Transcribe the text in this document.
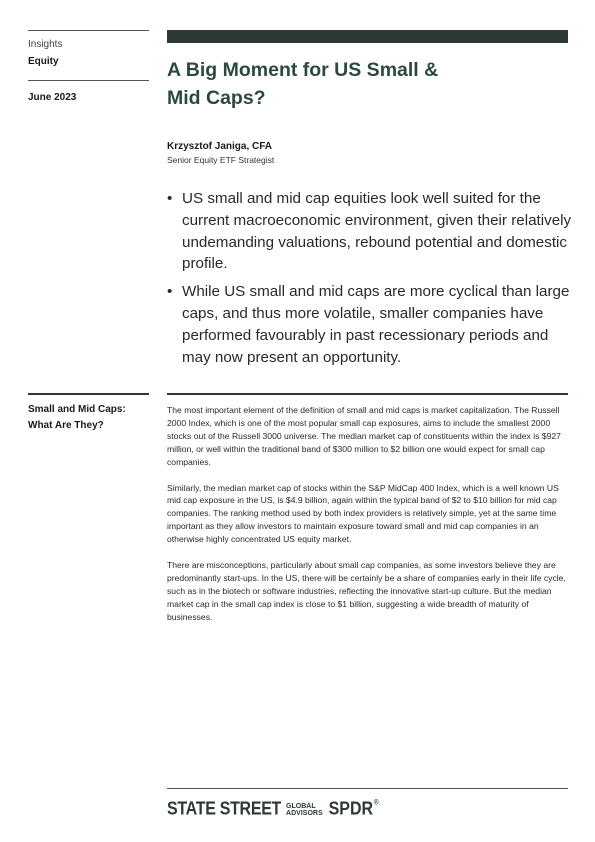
Insights
Equity
June 2023
A Big Moment for US Small &
Mid Caps?
Krzysztof Janiga, CFA
Senior Equity ETF Strategist
• US small and mid cap equities look well suited for the current macroeconomic environment, given their relatively undemanding valuations, rebound potential and domestic profile.
• While US small and mid caps are more cyclical than large caps, and thus more volatile, smaller companies have performed favourably in past recessionary periods and may now present an opportunity.
Small and Mid Caps:
What Are They?

The most important element of the definition of small and mid caps is market capitalization. The Russell 2000 Index, which is one of the most popular small cap exposures, aims to include the smallest 2000 stocks out of the Russell 3000 universe. The median market cap of constituents within the index is $927 million, or well within the traditional band of $300 million to $2 billion one would expect for small cap companies.

Similarly, the median market cap of stocks within the S&P MidCap 400 Index, which is a well known US mid cap exposure in the US, is $4.9 billion, again within the typical band of $2 to $10 billion for mid cap companies. The ranking method used by both index providers is relatively simple, yet at the same time important as they allow investors to maintain exposure toward small and mid cap companies in an otherwise highly concentrated US equity market.

There are misconceptions, particularly about small cap companies, as some investors believe they are predominantly start-ups. In the US, there will be certainly be a share of companies early in their life cycle, such as in the biotech or software industries, reflecting the innovative start-up culture. But the median market cap in the small cap index is close to $1 billion, suggesting a wide breadth of maturity of businesses.

STATE STREET GLOBAL
ADVISORS SPDR®
